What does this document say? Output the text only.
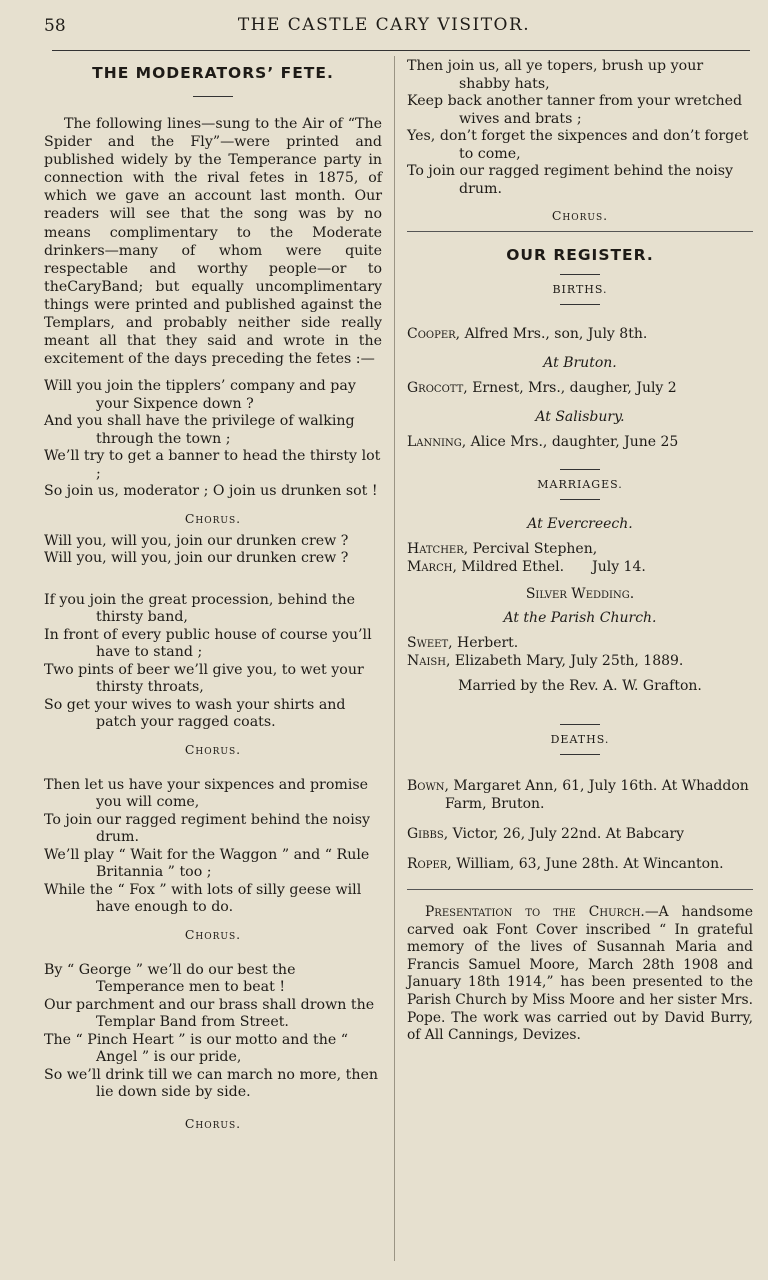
58	THE CASTLE CARY VISITOR.
THE MODERATORS’ FETE.

The following lines—sung to the Air of “The Spider and the Fly”—were printed and published widely by the Temperance party in connection with the rival fetes in 1875, of which we gave an account last month. Our readers will see that the song was by no means complimentary to the Moderate drinkers—many of whom were quite respectable and worthy people—or to theCaryBand; but equally uncomplimentary things were printed and published against the Templars, and probably neither side really meant all that they said and wrote in the excitement of the days preceding the fetes :—

Will you join the tipplers’ company and pay your Sixpence down ?
And you shall have the privilege of walking through the town ;
We’ll try to get a banner to head the thirsty lot ;
So join us, moderator ; O join us drunken sot !
Chorus.
Will you, will you, join our drunken crew ?
Will you, will you, join our drunken crew ?
If you join the great procession, behind the thirsty band,
In front of every public house of course you’ll have to stand ;
Two pints of beer we’ll give you, to wet your thirsty throats,
So get your wives to wash your shirts and patch your ragged coats.
Chorus.
Then let us have your sixpences and promise you will come,
To join our ragged regiment behind the noisy drum.
We’ll play “ Wait for the Waggon ” and “ Rule Britannia ” too ;
While the “ Fox ” with lots of silly geese will have enough to do.
Chorus.
By “ George ” we’ll do our best the Temperance men to beat !
Our parchment and our brass shall drown the Templar Band from Street.
The “ Pinch Heart ” is our motto and the “ Angel ” is our pride,
So we’ll drink till we can march no more, then lie down side by side.
Chorus.
Then join us, all ye topers, brush up your shabby hats,
Keep back another tanner from your wretched wives and brats ;
Yes, don’t forget the sixpences and don’t forget to come,
To join our ragged regiment behind the noisy drum.
Chorus.
OUR REGISTER.
BIRTHS.

Cooper, Alfred Mrs., son, July 8th.

At Bruton.

Grocott, Ernest, Mrs., daugher, July 2

At Salisbury.

Lanning, Alice Mrs., daughter, June 25

MARRIAGES.
At Evercreech.

Hatcher, Percival Stephen,

March, Mildred Ethel. July 14.

Silver Wedding.
At the Parish Church.

Sweet, Herbert.

Naish, Elizabeth Mary, July 25th, 1889.

Married by the Rev. A. W. Grafton.
DEATHS.

Bown, Margaret Ann, 61, July 16th. At Whaddon Farm, Bruton.

Gibbs, Victor, 26, July 22nd. At Babcary

Roper, William, 63, June 28th. At Wincanton.

Presentation to the Church.—A handsome carved oak Font Cover inscribed “ In grateful memory of the lives of Susannah Maria and Francis Samuel Moore, March 28th 1908 and January 18th 1914,” has been presented to the Parish Church by Miss Moore and her sister Mrs. Pope. The work was carried out by David Burry, of All Cannings, Devizes.
